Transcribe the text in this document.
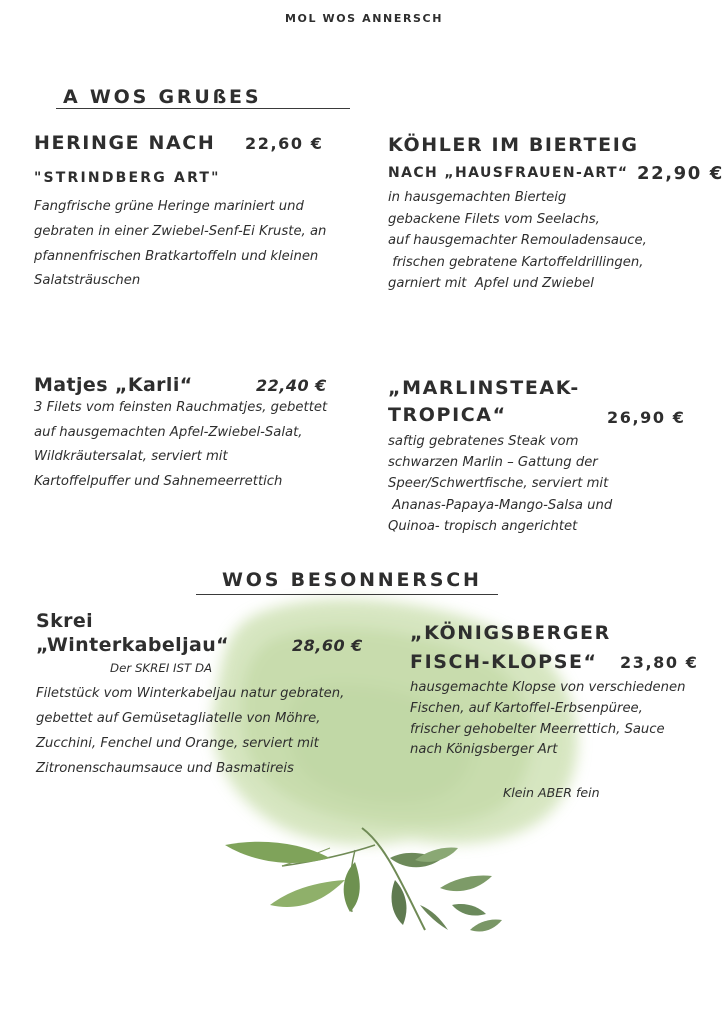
MOL WOS ANNERSCH
A WOS GRUßES
HERINGE NACH 22,60 €
"STRINDBERG ART"
Fangfrische grüne Heringe mariniert und
gebraten in einer Zwiebel-Senf-Ei Kruste, an
pfannenfrischen Bratkartoffeln und kleinen
Salatsträuschen
KÖHLER IM BIERTEIG
NACH „HAUSFRAUEN-ART“ 22,90 €
in hausgemachten Bierteig
gebackene Filets vom Seelachs,
auf hausgemachter Remouladensauce,
frischen gebratene Kartoffeldrillingen,
garniert mit  Apfel und Zwiebel
Matjes „Karli“	22,40 €
3 Filets vom feinsten Rauchmatjes, gebettet
auf hausgemachten Apfel-Zwiebel-Salat,
Wildkräutersalat, serviert mit
Kartoffelpuffer und Sahnemeerrettich
„MARLINSTEAK-
TROPICA“	26,90 €
saftig gebratenes Steak vom
schwarzen Marlin – Gattung der
Speer/Schwertfische, serviert mit
Ananas-Papaya-Mango-Salsa und
Quinoa- tropisch angerichtet
WOS BESONNERSCH
Skrei
„Winterkabeljau“	28,60 €
Der SKREI IST DA
Filetstück vom Winterkabeljau natur gebraten,
gebettet auf Gemüsetagliatelle von Möhre,
Zucchini, Fenchel und Orange, serviert mit
Zitronenschaumsauce und Basmatireis
„KÖNIGSBERGER
FISCH-KLOPSE“ 23,80 €
hausgemachte Klopse von verschiedenen
Fischen, auf Kartoffel-Erbsenpüree,
frischer gehobelter Meerrettich, Sauce
nach Königsberger Art
Klein ABER fein
